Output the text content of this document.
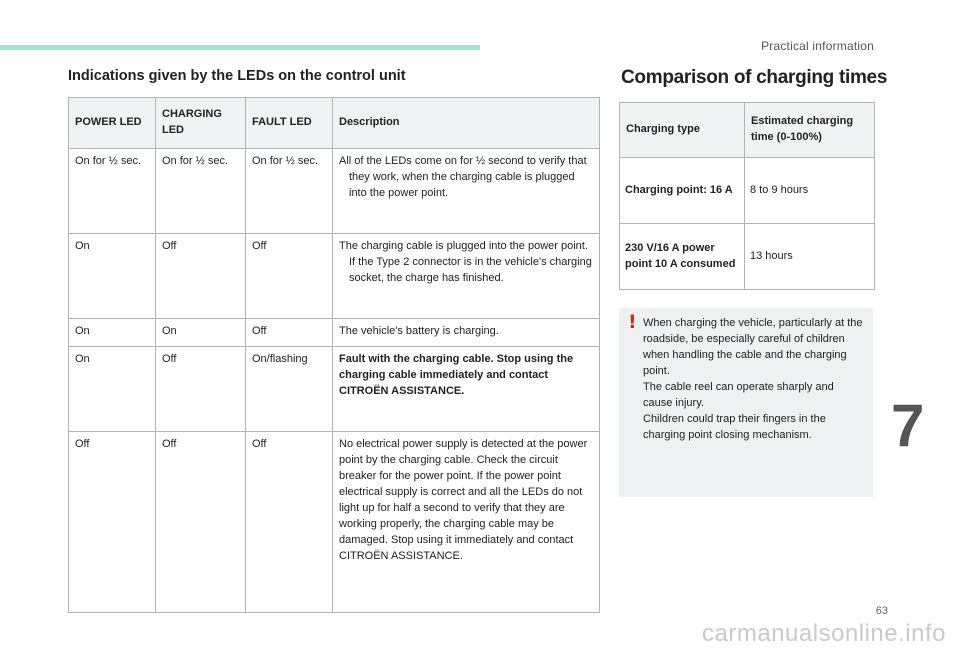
Practical information
Indications given by the LEDs on the control unit
POWER LED	CHARGING LED	FAULT LED	Description
On for ½ sec.	On for ½ sec.	On for ½ sec.	All of the LEDs come on for ½ second to verify that they work, when the charging cable is plugged into the power point.

On	Off	Off	The charging cable is plugged into the power point. If the Type 2 connector is in the vehicle's charging socket, the charge has finished.

On	On	Off	The vehicle's battery is charging.
On	Off	On/flashing	Fault with the charging cable. Stop using the charging cable immediately and contact CITROËN ASSISTANCE.
Off	Off	Off	No electrical power supply is detected at the power point by the charging cable. Check the circuit breaker for the power point. If the power point electrical supply is correct and all the LEDs do not light up for half a second to verify that they are working properly, the charging cable may be damaged. Stop using it immediately and contact CITROËN ASSISTANCE.
Comparison of charging times
Charging type	Estimated charging time (0-100%)
Charging point: 16 A	8 to 9 hours
230 V/16 A power point 10 A consumed	13 hours
! When charging the vehicle, particularly at the roadside, be especially careful of children when handling the cable and the charging point.

The cable reel can operate sharply and cause injury.

Children could trap their fingers in the charging point closing mechanism.	7
63
carmanualsonline.info
